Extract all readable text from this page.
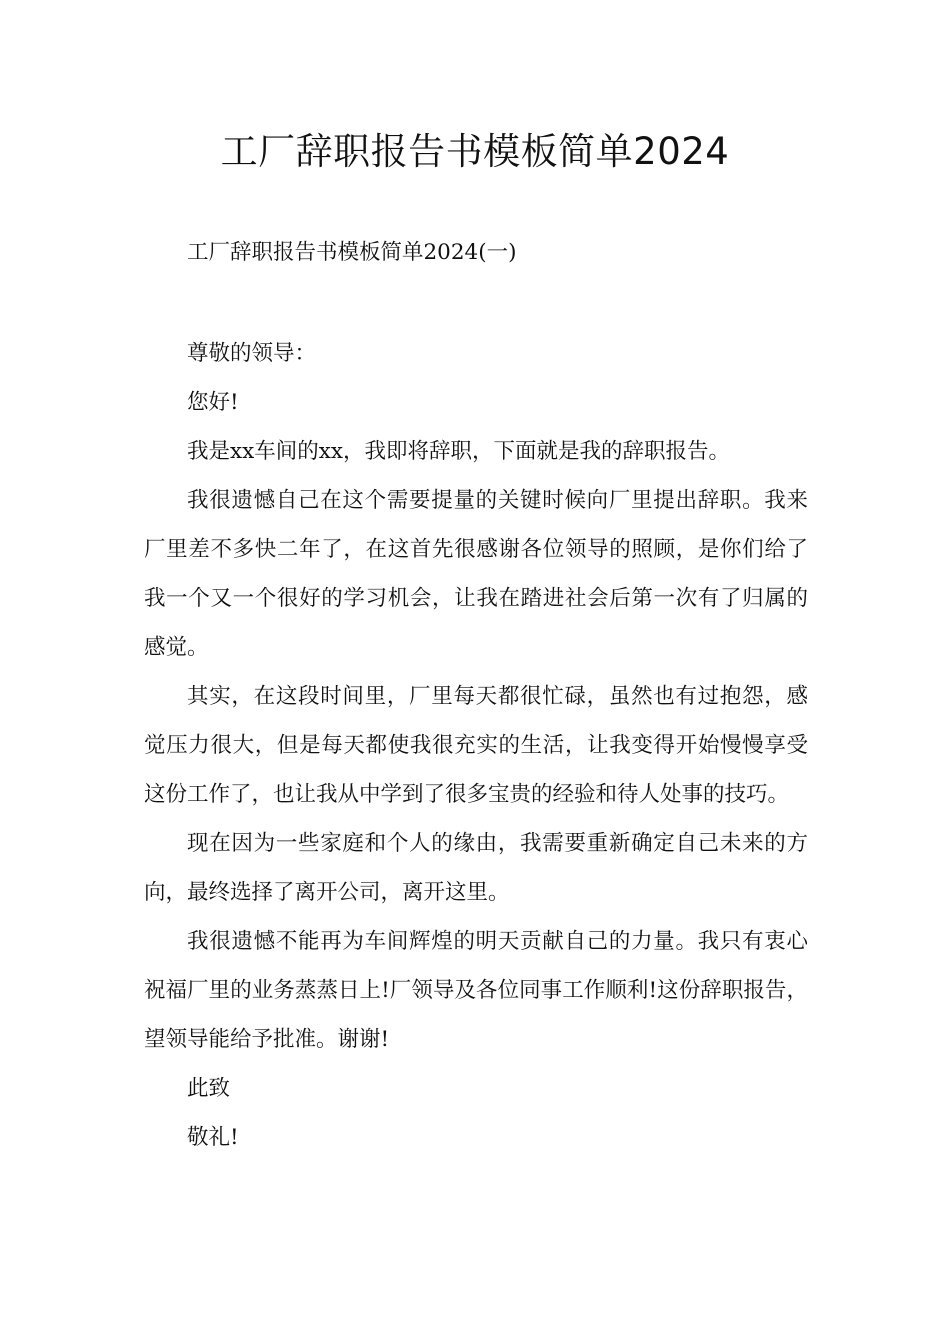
工厂辞职报告书模板简单2024

工厂辞职报告书模板简单2024(一)

尊敬的领导：

您好!

我是xx车间的xx，我即将辞职，下面就是我的辞职报告。

我很遗憾自己在这个需要提量的关键时候向厂里提出辞职。我来厂里差不多快二年了，在这首先很感谢各位领导的照顾，是你们给了我一个又一个很好的学习机会，让我在踏进社会后第一次有了归属的感觉。

其实，在这段时间里，厂里每天都很忙碌，虽然也有过抱怨，感觉压力很大，但是每天都使我很充实的生活，让我变得开始慢慢享受这份工作了，也让我从中学到了很多宝贵的经验和待人处事的技巧。

现在因为一些家庭和个人的缘由，我需要重新确定自己未来的方向，最终选择了离开公司，离开这里。

我很遗憾不能再为车间辉煌的明天贡献自己的力量。我只有衷心祝福厂里的业务蒸蒸日上!厂领导及各位同事工作顺利!这份辞职报告，望领导能给予批准。谢谢!

此致

敬礼!
